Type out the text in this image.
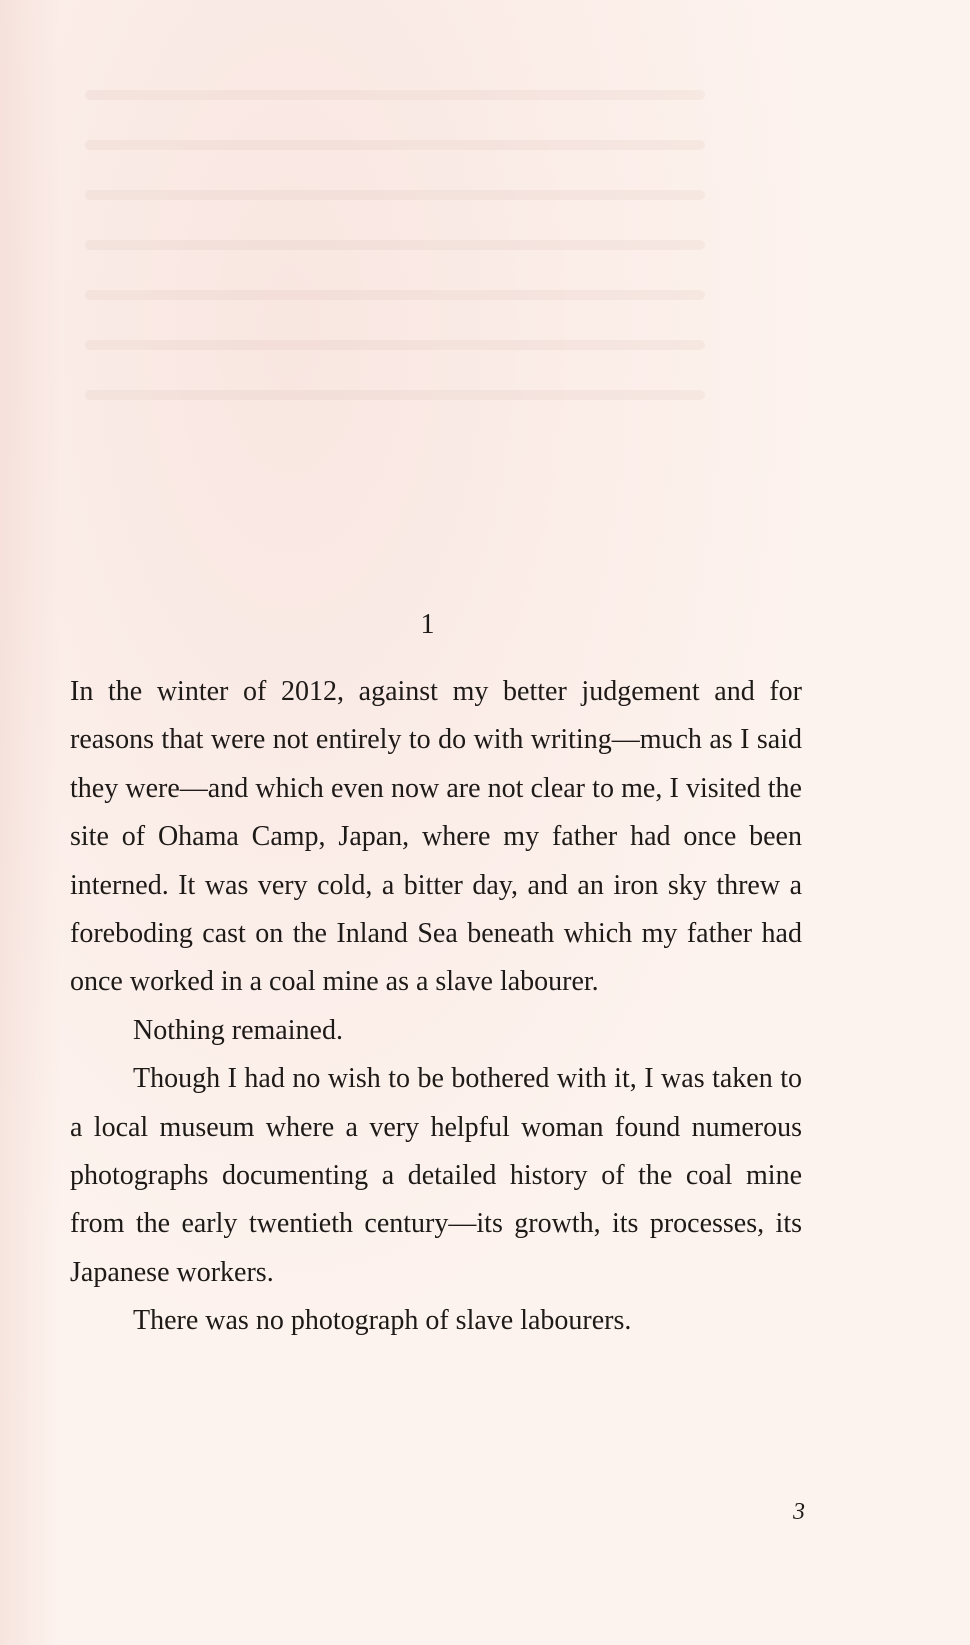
1

In the winter of 2012, against my better judgement and for reasons that were not entirely to do with writing—much as I said they were—and which even now are not clear to me, I visited the site of Ohama Camp, Japan, where my father had once been interned. It was very cold, a bitter day, and an iron sky threw a foreboding cast on the Inland Sea beneath which my father had once worked in a coal mine as a slave labourer.

Nothing remained.

Though I had no wish to be bothered with it, I was taken to a local museum where a very helpful woman found numerous photographs documenting a detailed history of the coal mine from the early twentieth century—its growth, its processes, its Japanese workers.

There was no photograph of slave labourers.

3
